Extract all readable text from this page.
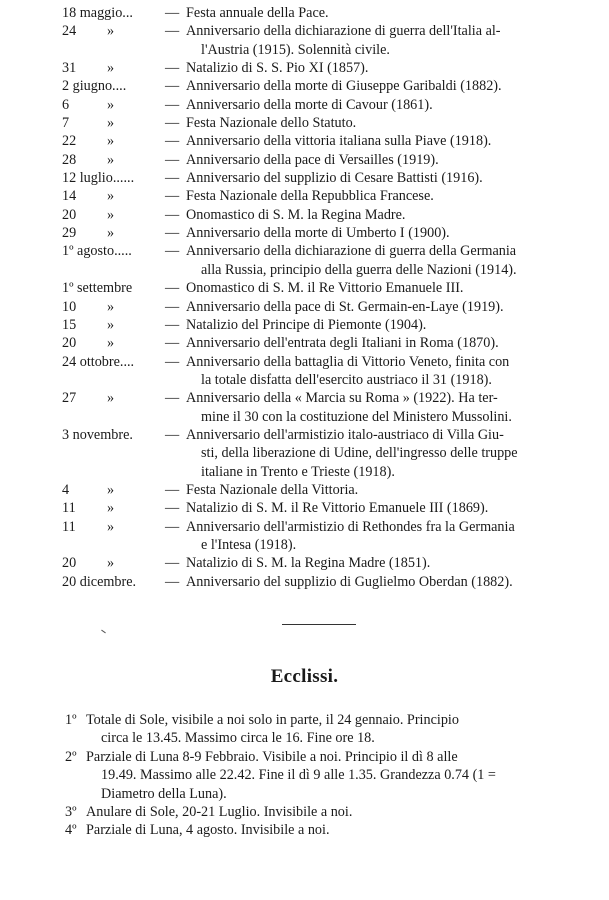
18 maggio... — Festa annuale della Pace.
24 »	— Anniversario della dichiarazione di guerra dell'Italia al-
l'Austria (1915). Solennità civile.
31 »	— Natalizio di S. S. Pio XI (1857).
2 giugno....	— Anniversario della morte di Giuseppe Garibaldi (1882).
6	»	— Anniversario della morte di Cavour (1861).
7	»	— Festa Nazionale dello Statuto.
22 »	— Anniversario della vittoria italiana sulla Piave (1918).
28 »	— Anniversario della pace di Versailles (1919).
12 luglio...... — Anniversario del supplizio di Cesare Battisti (1916).
14 »	— Festa Nazionale della Repubblica Francese.
20 »	— Onomastico di S. M. la Regina Madre.
29 »	— Anniversario della morte di Umberto I (1900).
1º agosto..... — Anniversario della dichiarazione di guerra della Germania
alla Russia, principio della guerra delle Nazioni (1914).
1º settembre — Onomastico di S. M. il Re Vittorio Emanuele III.
10 »	— Anniversario della pace di St. Germain-en-Laye (1919).
15 »	— Natalizio del Principe di Piemonte (1904).
20 »	— Anniversario dell'entrata degli Italiani in Roma (1870).
24 ottobre.... — Anniversario della battaglia di Vittorio Veneto, finita con
la totale disfatta dell'esercito austriaco il 31 (1918).
27 »	— Anniversario della « Marcia su Roma » (1922). Ha ter-
mine il 30 con la costituzione del Ministero Mussolini.
3 novembre. — Anniversario dell'armistizio italo-austriaco di Villa Giu-
sti, della liberazione di Udine, dell'ingresso delle truppe
italiane in Trento e Trieste (1918).
4	»	— Festa Nazionale della Vittoria.
11 »	— Natalizio di S. M. il Re Vittorio Emanuele III (1869).
11 »	— Anniversario dell'armistizio di Rethondes fra la Germania
e l'Intesa (1918).
20 »	— Natalizio di S. M. la Regina Madre (1851).
20 dicembre. — Anniversario del supplizio di Guglielmo Oberdan (1882).
Ecclissi.
1º Totale di Sole, visibile a noi solo in parte, il 24 gennaio. Principio
circa le 13.45. Massimo circa le 16. Fine ore 18.
2º Parziale di Luna 8-9 Febbraio. Visibile a noi. Principio il dì 8 alle
19.49. Massimo alle 22.42. Fine il dì 9 alle 1.35. Grandezza 0.74 (1 =
Diametro della Luna).
3º Anulare di Sole, 20-21 Luglio. Invisibile a noi.
4º Parziale di Luna, 4 agosto. Invisibile a noi.
